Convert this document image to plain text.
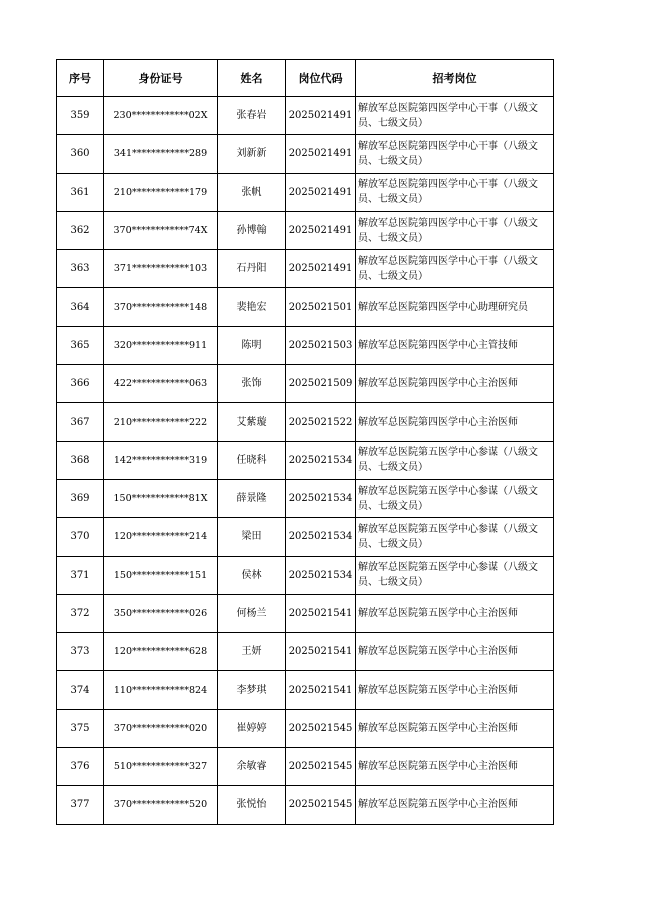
序号	身份证号	姓名	岗位代码	招考岗位
359	230************02X	张春岩	2025021491	解放军总医院第四医学中心干事（八级文员、七级文员）
360	341************289	刘新新	2025021491	解放军总医院第四医学中心干事（八级文员、七级文员）
361	210************179	张帆	2025021491	解放军总医院第四医学中心干事（八级文员、七级文员）
362	370************74X	孙博翰	2025021491	解放军总医院第四医学中心干事（八级文员、七级文员）
363	371************103	石丹阳	2025021491	解放军总医院第四医学中心干事（八级文员、七级文员）
364	370************148	裴艳宏	2025021501	解放军总医院第四医学中心助理研究员
365	320************911	陈明	2025021503	解放军总医院第四医学中心主管技师
366	422************063	张饰	2025021509	解放军总医院第四医学中心主治医师
367	210************222	艾紫璇	2025021522	解放军总医院第四医学中心主治医师
368	142************319	任晓科	2025021534	解放军总医院第五医学中心参谋（八级文员、七级文员）
369	150************81X	薛景隆	2025021534	解放军总医院第五医学中心参谋（八级文员、七级文员）
370	120************214	梁田	2025021534	解放军总医院第五医学中心参谋（八级文员、七级文员）
371	150************151	侯林	2025021534	解放军总医院第五医学中心参谋（八级文员、七级文员）
372	350************026	何杨兰	2025021541	解放军总医院第五医学中心主治医师
373	120************628	王妍	2025021541	解放军总医院第五医学中心主治医师
374	110************824	李梦琪	2025021541	解放军总医院第五医学中心主治医师
375	370************020	崔婷婷	2025021545	解放军总医院第五医学中心主治医师
376	510************327	余敏睿	2025021545	解放军总医院第五医学中心主治医师
377	370************520	张悦怡	2025021545	解放军总医院第五医学中心主治医师
